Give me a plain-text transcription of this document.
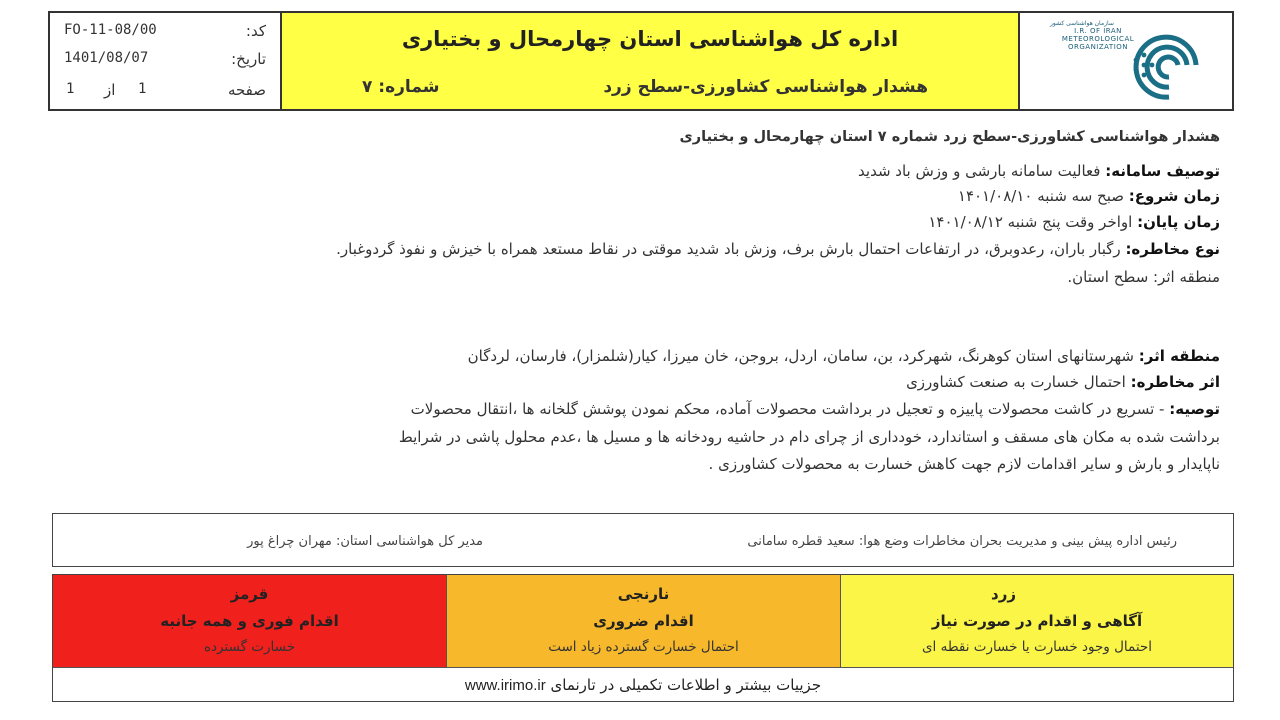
کد:
FO-11-08/00
تاریخ:
1401/08/07
صفحه
1
از
1
اداره کل هواشناسی استان چهارمحال و بختیاری
هشدار هواشناسی کشاورزی-سطح زرد
شماره: ۷
سازمان هواشناسی کشور
I.R. OF IRAN
METEOROLOGICAL
ORGANIZATION
هشدار هواشناسی کشاورزی-سطح زرد شماره ۷ استان چهارمحال و بختیاری
توصیف سامانه: فعالیت سامانه بارشی و وزش باد شدید
زمان شروع: صبح سه شنبه ۱۴۰۱/۰۸/۱۰
زمان پایان: اواخر وقت پنج شنبه ۱۴۰۱/۰۸/۱۲
نوع مخاطره: رگبار باران، رعدوبرق، در ارتفاعات احتمال بارش برف، وزش باد شدید موقتی در نقاط مستعد همراه با خیزش و نفوذ گردوغبار.
منطقه اثر: سطح استان.
منطقه اثر: شهرستانهای استان کوهرنگ، شهرکرد، بن، سامان، اردل، بروجن، خان میرزا، کیار(شلمزار)، فارسان، لردگان
اثر مخاطره: احتمال خسارت به صنعت کشاورزی
توصیه: - تسریع در کاشت محصولات پاییزه و تعجیل در برداشت محصولات آماده، محکم نمودن پوشش گلخانه ها ،انتقال محصولات
برداشت شده به مکان های مسقف و استاندارد، خودداری از چرای دام در حاشیه رودخانه ها و مسیل ها ،عدم محلول پاشی در شرایط
ناپایدار و بارش و سایر اقدامات لازم جهت کاهش خسارت به محصولات کشاورزی .
رئیس اداره پیش بینی و مدیریت بحران مخاطرات وضع هوا: سعید قطره سامانی
مدیر کل هواشناسی استان: مهران چراغ پور
قرمز
اقدام فوری و همه جانبه
خسارت گسترده
نارنجی
اقدام ضروری
احتمال خسارت گسترده زیاد است
زرد
آگاهی و اقدام در صورت نیاز
احتمال وجود خسارت یا خسارت نقطه ای
جزییات بیشتر و اطلاعات تکمیلی در تارنمای www.irimo.ir
